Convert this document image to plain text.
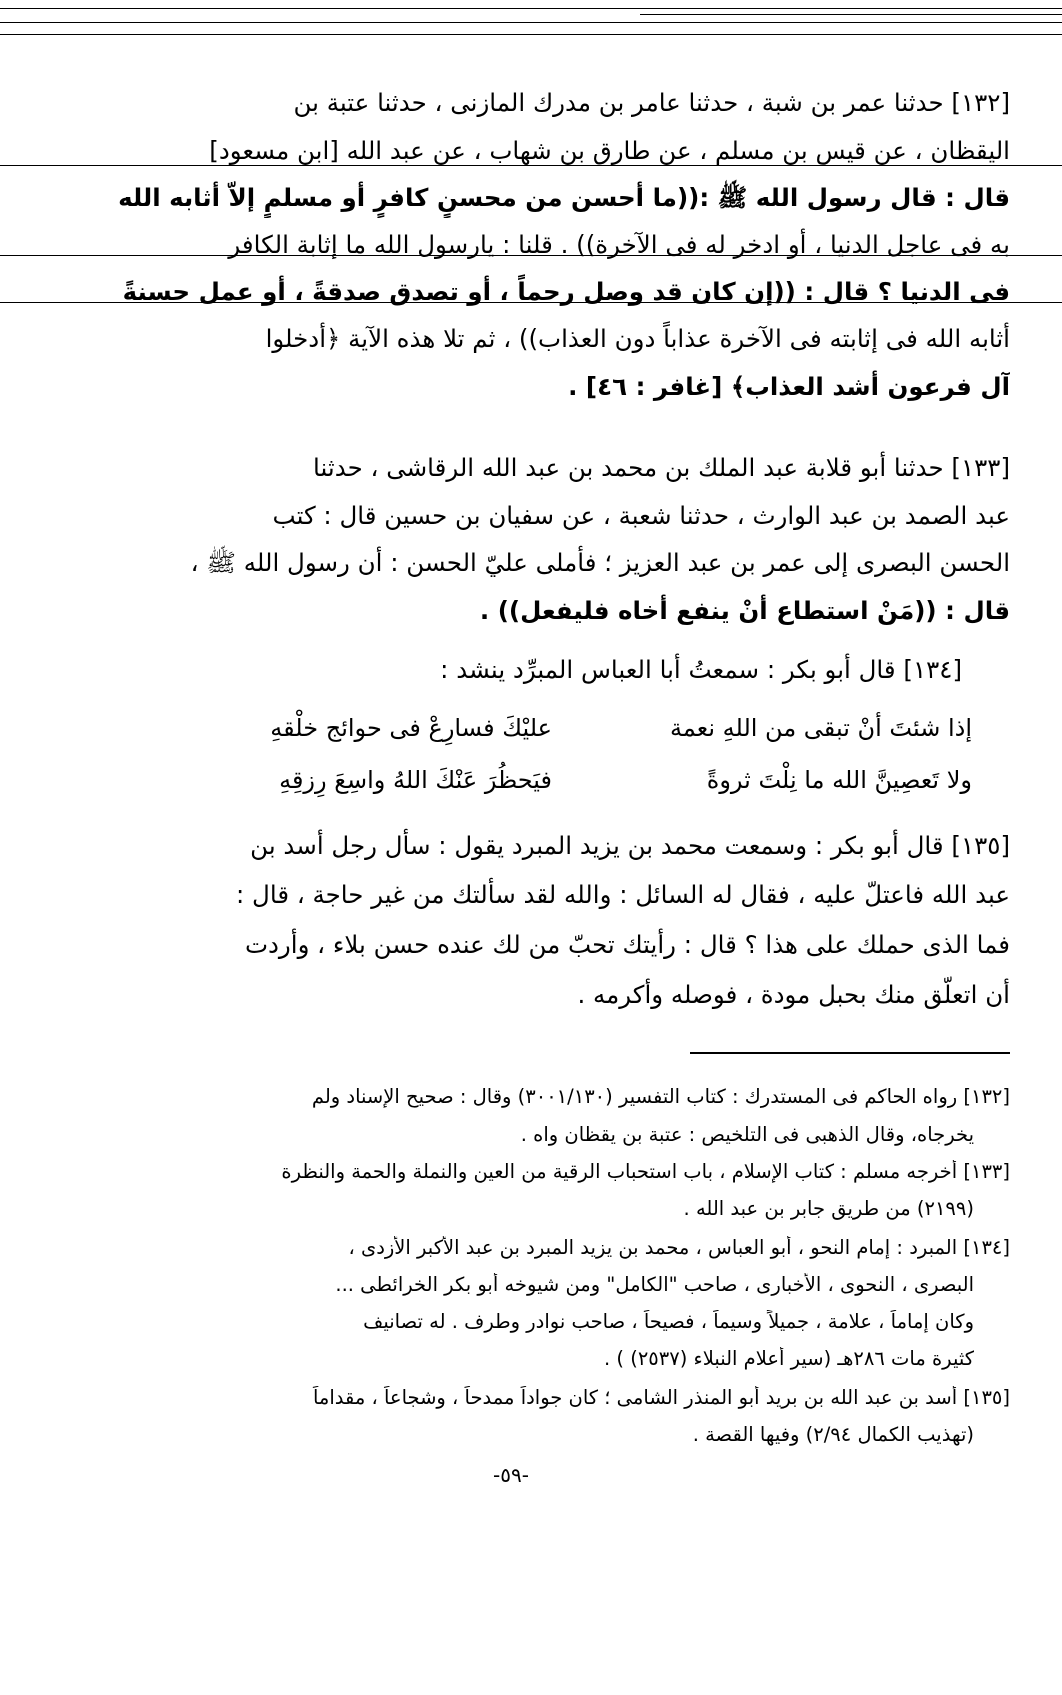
[١٣٢] حدثنا عمر بن شبة ، حدثنا عامر بن مدرك المازنى ، حدثنا عتبة بن
اليقظان ، عن قيس بن مسلم ، عن طارق بن شهاب ، عن عبد الله [ابن مسعود]
قال : قال رسول الله ﷺ :((ما أحسن من محسنٍ كافرٍ أو مسلمٍ إلاّ أثابه الله
به فى عاجل الدنيا ، أو ادخر له فى الآخرة)) . قلنا : يارسول الله ما إثابة الكافر
فى الدنيا ؟ قال : ((إن كان قد وصل رحماً ، أو تصدق صدقةً ، أو عمل حسنةً
أثابه الله فى إثابته فى الآخرة عذاباً دون العذاب)) ، ثم تلا هذه الآية ﴿أدخلوا
آل فرعون أشد العذاب﴾ [غافر : ٤٦] .
[١٣٣] حدثنا أبو قلابة عبد الملك بن محمد بن عبد الله الرقاشى ، حدثنا
عبد الصمد بن عبد الوارث ، حدثنا شعبة ، عن سفيان بن حسين قال : كتب
الحسن البصرى إلى عمر بن عبد العزيز ؛ فأملى عليّ الحسن : أن رسول الله ﷺ ،
قال : ((مَنْ استطاع أنْ ينفع أخاه فليفعل)) .
[١٣٤] قال أبو بكر : سمعتُ أبا العباس المبرِّد ينشد :
إذا شئتَ أنْ تبقى من اللهِ نعمة
عليْكَ فسارِعْ فى حوائج خلْقهِ
ولا تَعصِينَّ الله ما نِلْتَ ثروةً
فيَحظُرَ عَنْكَ اللهُ واسِعَ رِزقِهِ
[١٣٥] قال أبو بكر : وسمعت محمد بن يزيد المبرد يقول : سأل رجل أسد بن
عبد الله فاعتلّ عليه ، فقال له السائل : والله لقد سألتك من غير حاجة ، قال :
فما الذى حملك على هذا ؟ قال : رأيتك تحبّ من لك عنده حسن بلاء ، وأردت
أن اتعلّق منك بحبل مودة ، فوصله وأكرمه .
[١٣٢] رواه الحاكم فى المستدرك : كتاب التفسير (٣٠٠١/١٣٠) وقال : صحيح الإسناد ولم
يخرجاه، وقال الذهبى فى التلخيص : عتبة بن يقظان واه .
[١٣٣] أخرجه مسلم : كتاب الإسلام ، باب استحباب الرقية من العين والنملة والحمة والنظرة
(٢١٩٩) من طريق جابر بن عبد الله .
[١٣٤] المبرد : إمام النحو ، أبو العباس ، محمد بن يزيد المبرد بن عبد الأكبر الأزدى ،
البصرى ، النحوى ، الأخبارى ، صاحب "الكامل" ومن شيوخه أبو بكر الخرائطى ...
وكان إماماً ، علامة ، جميلاً وسيماً ، فصيحاً ، صاحب نوادر وطرف . له تصانيف
كثيرة مات ٢٨٦هـ (سير أعلام النبلاء (٢٥٣٧) ) .
[١٣٥] أسد بن عبد الله بن بريد أبو المنذر الشامى ؛ كان جواداً ممدحاً ، وشجاعاً ، مقداماً
(تهذيب الكمال ٢/٩٤) وفيها القصة .
-٥٩-
